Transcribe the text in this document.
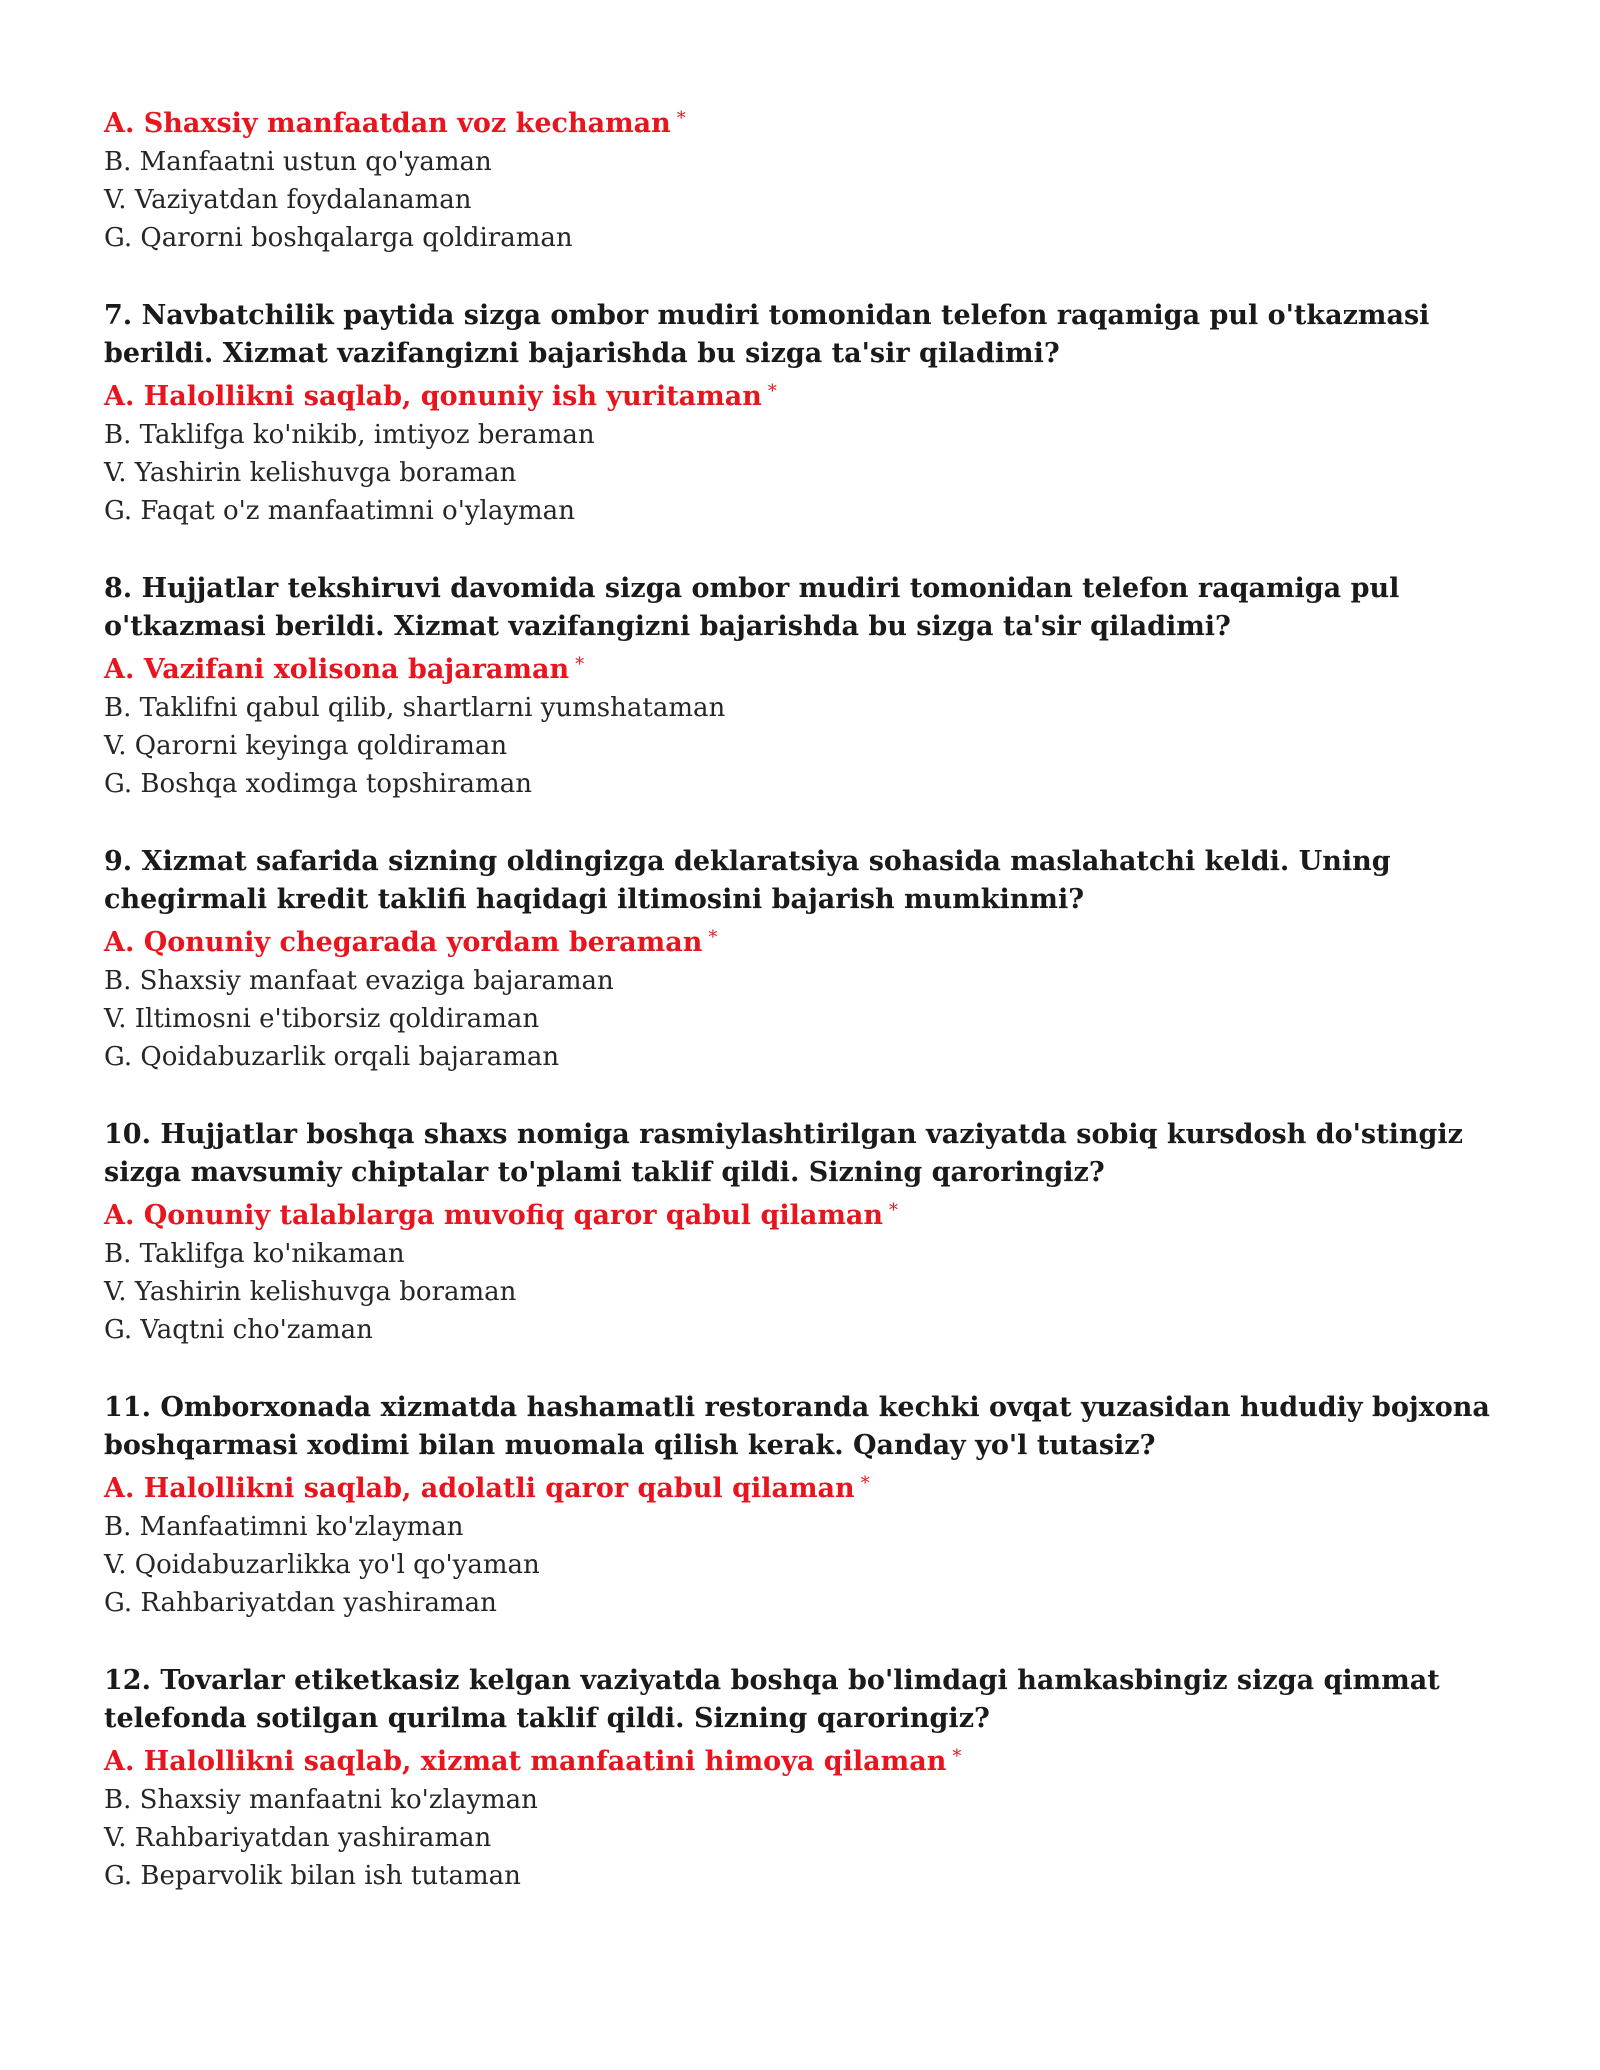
A. Shaxsiy manfaatdan voz kechaman *
B. Manfaatni ustun qo'yaman
V. Vaziyatdan foydalanaman
G. Qarorni boshqalarga qoldiraman
7. Navbatchilik paytida sizga ombor mudiri tomonidan telefon raqamiga pul o'tkazmasi berildi. Xizmat vazifangizni bajarishda bu sizga ta'sir qiladimi?
A. Halollikni saqlab, qonuniy ish yuritaman *
B. Taklifga ko'nikib, imtiyoz beraman
V. Yashirin kelishuvga boraman
G. Faqat o'z manfaatimni o'ylayman
8. Hujjatlar tekshiruvi davomida sizga ombor mudiri tomonidan telefon raqamiga pul o'tkazmasi berildi. Xizmat vazifangizni bajarishda bu sizga ta'sir qiladimi?
A. Vazifani xolisona bajaraman *
B. Taklifni qabul qilib, shartlarni yumshataman
V. Qarorni keyinga qoldiraman
G. Boshqa xodimga topshiraman
9. Xizmat safarida sizning oldingizga deklaratsiya sohasida maslahatchi keldi. Uning chegirmali kredit taklifi haqidagi iltimosini bajarish mumkinmi?
A. Qonuniy chegarada yordam beraman *
B. Shaxsiy manfaat evaziga bajaraman
V. Iltimosni e'tiborsiz qoldiraman
G. Qoidabuzarlik orqali bajaraman
10. Hujjatlar boshqa shaxs nomiga rasmiylashtirilgan vaziyatda sobiq kursdosh do'stingiz sizga mavsumiy chiptalar to'plami taklif qildi. Sizning qaroringiz?
A. Qonuniy talablarga muvofiq qaror qabul qilaman *
B. Taklifga ko'nikaman
V. Yashirin kelishuvga boraman
G. Vaqtni cho'zaman
11. Omborxonada xizmatda hashamatli restoranda kechki ovqat yuzasidan hududiy bojxona boshqarmasi xodimi bilan muomala qilish kerak. Qanday yo'l tutasiz?
A. Halollikni saqlab, adolatli qaror qabul qilaman *
B. Manfaatimni ko'zlayman
V. Qoidabuzarlikka yo'l qo'yaman
G. Rahbariyatdan yashiraman
12. Tovarlar etiketkasiz kelgan vaziyatda boshqa bo'limdagi hamkasbingiz sizga qimmat telefonda sotilgan qurilma taklif qildi. Sizning qaroringiz?
A. Halollikni saqlab, xizmat manfaatini himoya qilaman *
B. Shaxsiy manfaatni ko'zlayman
V. Rahbariyatdan yashiraman
G. Beparvolik bilan ish tutaman
